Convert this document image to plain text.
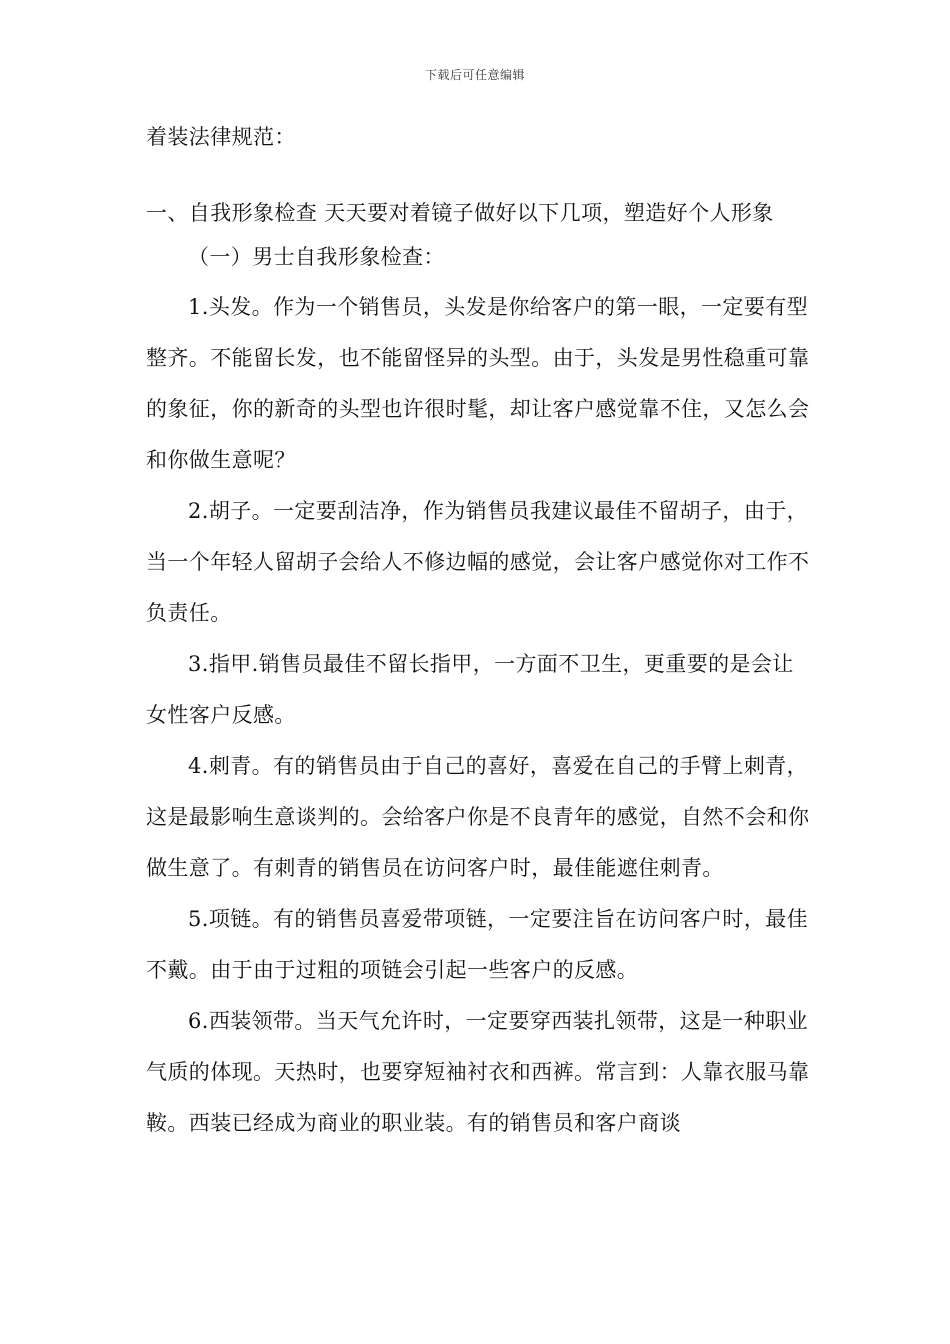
下载后可任意编辑

着装法律规范：

一、自我形象检查 天天要对着镜子做好以下几项，塑造好个人形象

（一）男士自我形象检查：

1.头发。作为一个销售员，头发是你给客户的第一眼，一定要有型整齐。不能留长发，也不能留怪异的头型。由于，头发是男性稳重可靠的象征，你的新奇的头型也许很时髦，却让客户感觉靠不住，又怎么会和你做生意呢？

2.胡子。一定要刮洁净，作为销售员我建议最佳不留胡子，由于，当一个年轻人留胡子会给人不修边幅的感觉，会让客户感觉你对工作不负责任。

3.指甲.销售员最佳不留长指甲，一方面不卫生，更重要的是会让女性客户反感。

4.刺青。有的销售员由于自己的喜好，喜爱在自己的手臂上刺青，这是最影响生意谈判的。会给客户你是不良青年的感觉，自然不会和你做生意了。有刺青的销售员在访问客户时，最佳能遮住刺青。

5.项链。有的销售员喜爱带项链，一定要注旨在访问客户时，最佳不戴。由于由于过粗的项链会引起一些客户的反感。

6.西装领带。当天气允许时，一定要穿西装扎领带，这是一种职业气质的体现。天热时，也要穿短袖衬衣和西裤。常言到：人靠衣服马靠鞍。西装已经成为商业的职业装。有的销售员和客户商谈
